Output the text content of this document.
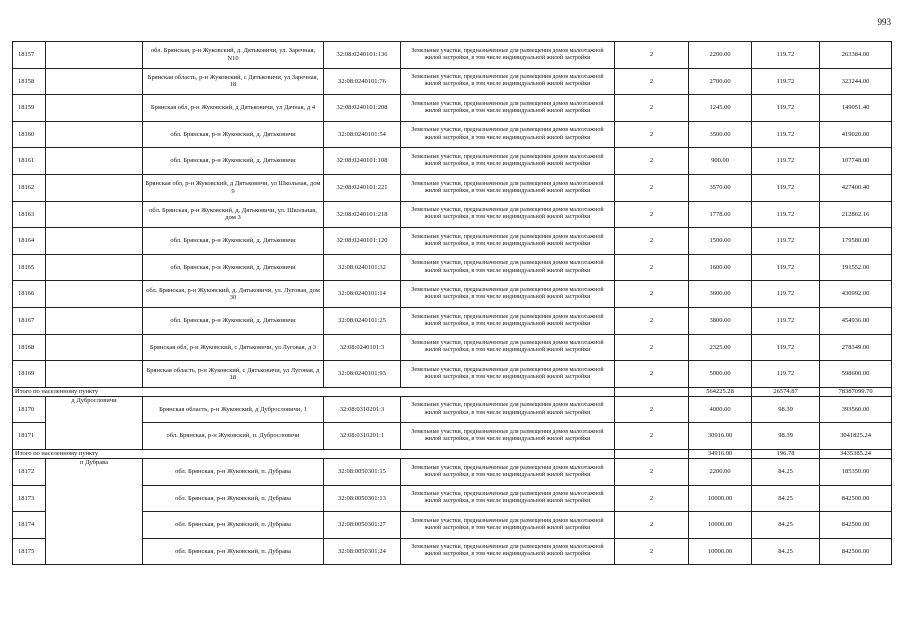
993
18157		обл. Брянская, р-н Жуковский, д. Дятьковичи, ул. Заречная, N10	32:08:0240101:136	Земельные участки, предназначенные для размещения домов малоэтажной жилой застройки, в том числе индивидуальной жилой застройки	2	2200.00	119.72	263384.00
18158		Брянская область, р-н Жуковский, с Дятьковичи, ул Заречная, 18	32:08:0240101:76	Земельные участки, предназначенные для размещения домов малоэтажной жилой застройки, в том числе индивидуальной жилой застройки	2	2700.00	119.72	323244.00
18159		Брянская обл, р-н Жуковский, д Дятьковичи, ул Дачная, д 4	32:08:0240101:208	Земельные участки, предназначенные для размещения домов малоэтажной жилой застройки, в том числе индивидуальной жилой застройки	2	1245.00	119.72	149051.40
18160		обл. Брянская, р-н Жуковский, д. Дятьковичи	32:08:0240101:54	Земельные участки, предназначенные для размещения домов малоэтажной жилой застройки, в том числе индивидуальной жилой застройки	2	3500.00	119.72	419020.00
18161		обл. Брянская, р-н Жуковский, д. Дятьковичи	32:08:0240101:108	Земельные участки, предназначенные для размещения домов малоэтажной жилой застройки, в том числе индивидуальной жилой застройки	2	900.00	119.72	107748.00
18162		Брянская обл, р-н Жуковский, д Дятьковичи, ул Школьная, дом 9	32:08:0240101:221	Земельные участки, предназначенные для размещения домов малоэтажной жилой застройки, в том числе индивидуальной жилой застройки	2	3570.00	119.72	427400.40
18163		обл. Брянская, р-н Жуковский, д. Дятьковичи, ул. Школьная, дом 3	32:08:0240101:218	Земельные участки, предназначенные для размещения домов малоэтажной жилой застройки, в том числе индивидуальной жилой застройки	2	1778.00	119.72	212862.16
18164		обл. Брянская, р-н Жуковский, д. Дятьковичи	32:08:0240101:120	Земельные участки, предназначенные для размещения домов малоэтажной жилой застройки, в том числе индивидуальной жилой застройки	2	1500.00	119.72	179580.00
18165		обл. Брянская, р-н Жуковский, д. Дятьковичи	32:08:0240101:32	Земельные участки, предназначенные для размещения домов малоэтажной жилой застройки, в том числе индивидуальной жилой застройки	2	1600.00	119.72	191552.00
18166		обл. Брянская, р-н Жуковский, д. Дятьковичи, ул. Луговая, дом 30	32:08:0240101:14	Земельные участки, предназначенные для размещения домов малоэтажной жилой застройки, в том числе индивидуальной жилой застройки	2	3600.00	119.72	430992.00
18167		обл. Брянская, р-н Жуковский, д. Дятьковичи	32:08:0240101:25	Земельные участки, предназначенные для размещения домов малоэтажной жилой застройки, в том числе индивидуальной жилой застройки	2	3800.00	119.72	454936.00
18168		Брянская обл, р-н Жуковский, с Дятьковичи, ул Луговая, д 3	32:08:0240101:3	Земельные участки, предназначенные для размещения домов малоэтажной жилой застройки, в том числе индивидуальной жилой застройки	2	2325.00	119.72	278349.00
18169		Брянская область, р-н Жуковский, с Дятьковичи, ул Луговая, д 18	32:08:0240101:93	Земельные участки, предназначенные для размещения домов малоэтажной жилой застройки, в том числе индивидуальной жилой застройки	2	5000.00	119.72	598600.00
Итого по населенному пункту						564225.28	26574.87	78387099.70
18170	д Дубрословичи	Брянская область, р-н Жуковский, д Дубрословичи, 1	32:08:0310201:3	Земельные участки, предназначенные для размещения домов малоэтажной жилой застройки, в том числе индивидуальной жилой застройки	2	4000.00	98.39	393560.00
18171		обл. Брянская, р-н Жуковский, п. Дубрословичи	32:08:0310201:1	Земельные участки, предназначенные для размещения домов малоэтажной жилой застройки, в том числе индивидуальной жилой застройки	2	30916.00	98.39	3041825.24
Итого по населенному пункту						34916.00	196.78	3435385.24
18172	п Дубрава	обл. Брянская, р-н Жуковский, п. Дубрава	32:08:0050301:15	Земельные участки, предназначенные для размещения домов малоэтажной жилой застройки, в том числе индивидуальной жилой застройки	2	2200.00	84.25	185350.00
18173		обл. Брянская, р-н Жуковский, п. Дубрава	32:08:0050301:13	Земельные участки, предназначенные для размещения домов малоэтажной жилой застройки, в том числе индивидуальной жилой застройки	2	10000.00	84.25	842500.00
18174		обл. Брянская, р-н Жуковский, п. Дубрава	32:08:0050301:27	Земельные участки, предназначенные для размещения домов малоэтажной жилой застройки, в том числе индивидуальной жилой застройки	2	10000.00	84.25	842500.00
18175		обл. Брянская, р-н Жуковский, п. Дубрава	32:08:0050301:24	Земельные участки, предназначенные для размещения домов малоэтажной жилой застройки, в том числе индивидуальной жилой застройки	2	10000.00	84.25	842500.00
